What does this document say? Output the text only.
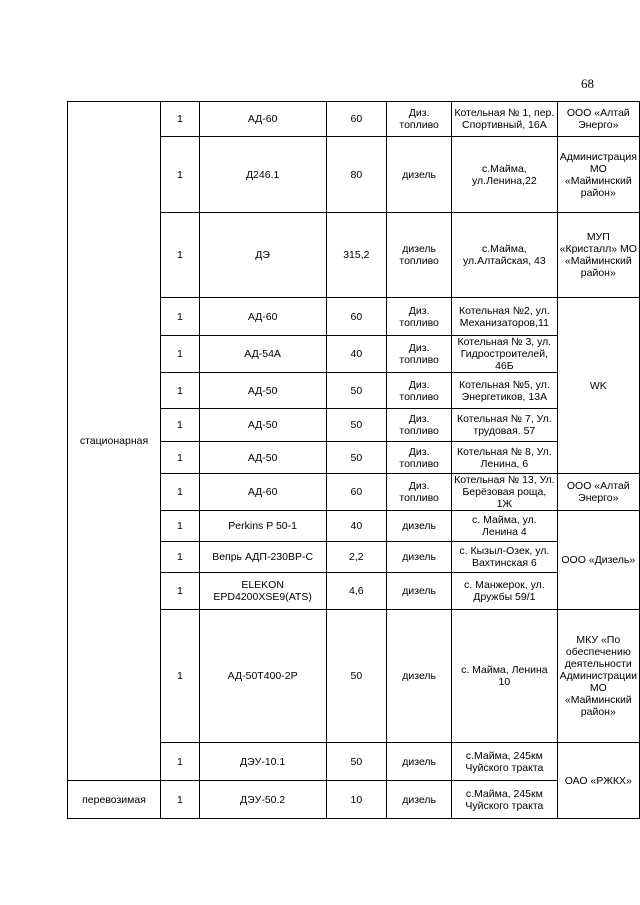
68
стационарная	1	АД-60	60	Диз. топливо	Котельная № 1, пер. Спортивный, 16А	ООО «Алтай Энерго»
	1	Д246.1	80	дизель	с.Майма, ул.Ленина,22	Администрация МО «Майминский район»
	1	ДЭ	315,2	дизель топливо	с.Майма, ул.Алтайская, 43	МУП «Кристалл» МО «Майминский район»
	1	АД-60	60	Диз. топливо	Котельная №2, ул. Механизаторов,11	WK
	1	АД-54А	40	Диз. топливо	Котельная № 3, ул. Гидростроителей, 46Б	
	1	АД-50	50	Диз. топливо	Котельная №5, ул. Энергетиков, 13А	
	1	АД-50	50	Диз. топливо	Котельная № 7, Ул. трудовая. 57	
	1	АД-50	50	Диз. топливо	Котельная № 8, Ул. Ленина, 6	
	1	АД-60	60	Диз. топливо	Котельная № 13, Ул. Берёзовая роща, 1Ж	ООО «Алтай Энерго»
	1	Perkins P 50-1	40	дизель	с. Майма, ул. Ленина 4	ООО «Дизель»
	1	Вепрь АДП-230ВР-С	2,2	дизель	с. Кызыл-Озек, ул. Вахтинская 6	
	1	ELEKON EPD4200XSE9(ATS)	4,6	дизель	с. Манжерок, ул. Дружбы 59/1	
	1	АД-50Т400-2Р	50	дизель	с. Майма, Ленина 10	МКУ «По обеспечению деятельности Администрации МО «Майминский район»
	1	ДЭУ-10.1	50	дизель	с.Майма, 245км Чуйского тракта	ОАО «РЖКХ»
перевозимая	1	ДЭУ-50.2	10	дизель	с.Майма, 245км Чуйского тракта	
